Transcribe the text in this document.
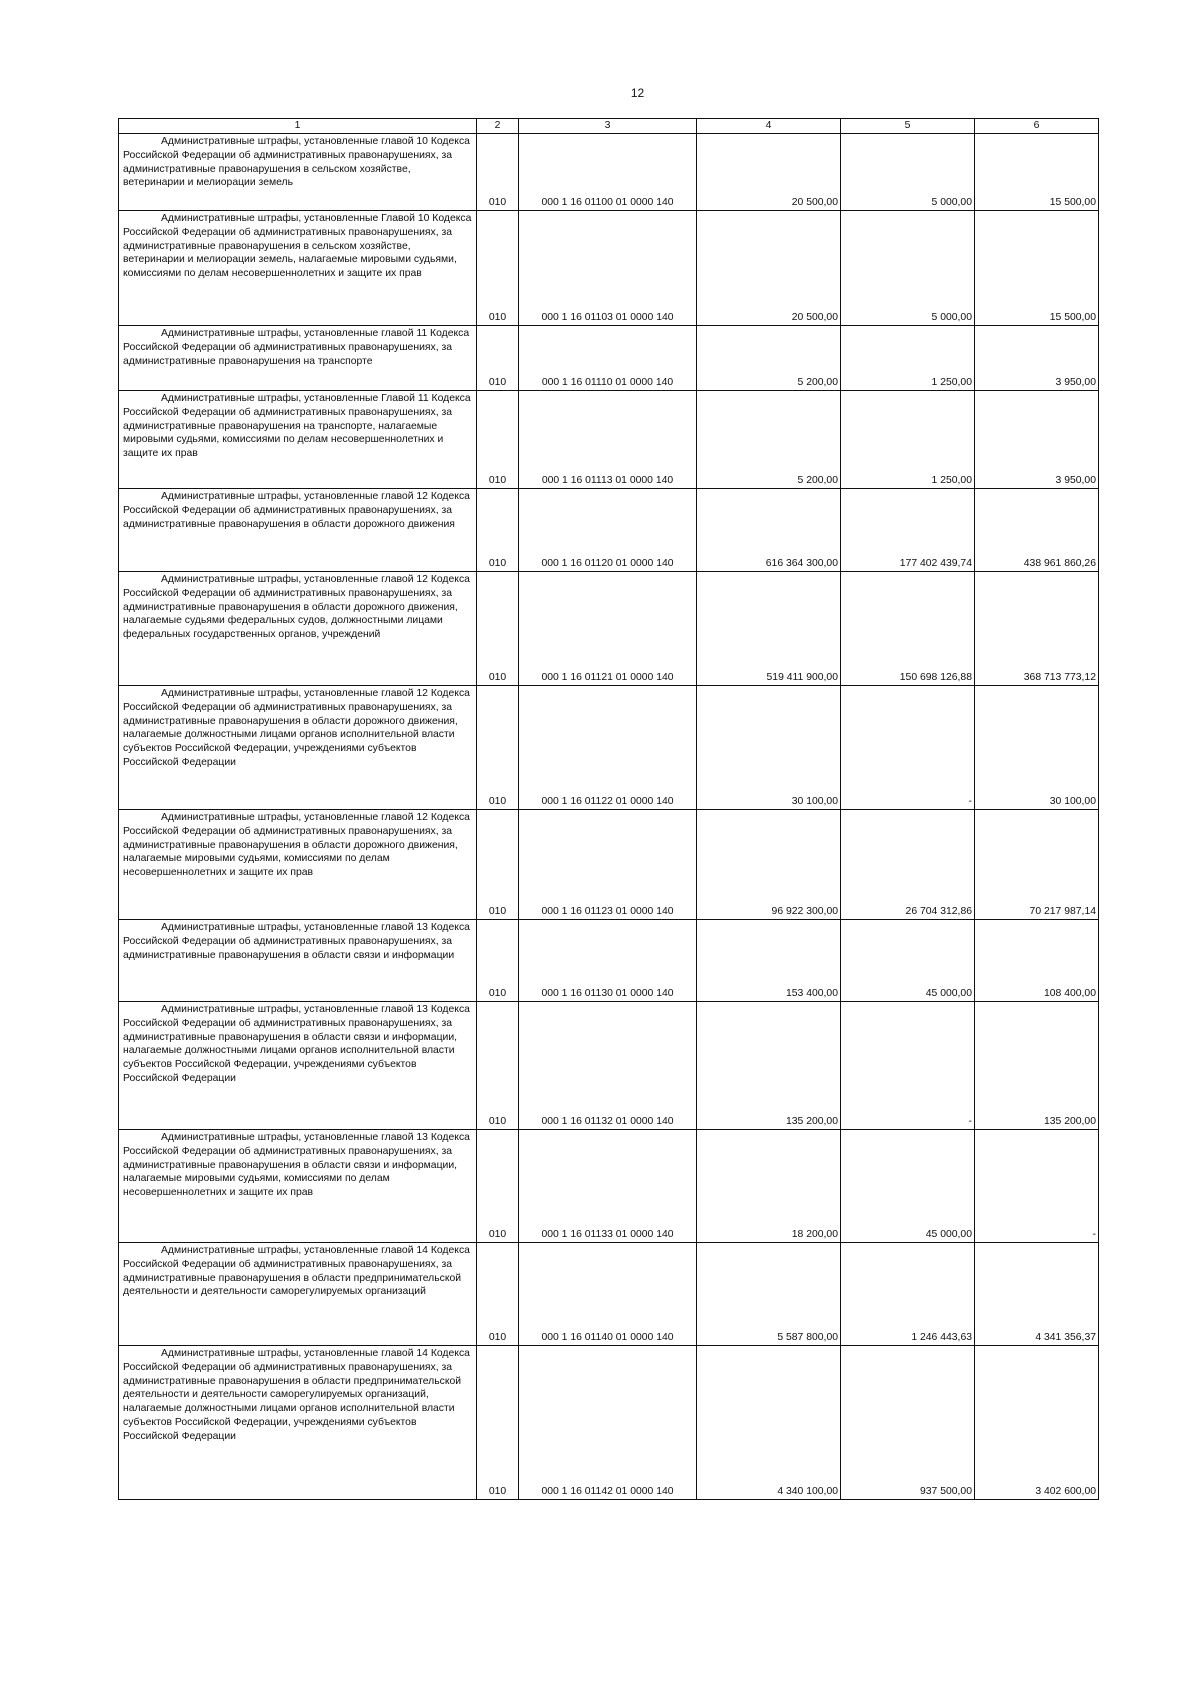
12
1	2	3	4	5	6
Административные штрафы, установленные главой 10 Кодекса Российской Федерации об административных правонарушениях, за административные правонарушения в сельском хозяйстве, ветеринарии и мелиорации земель	010	000 1 16 01100 01 0000 140	20 500,00	5 000,00	15 500,00
Административные штрафы, установленные Главой 10 Кодекса Российской Федерации об административных правонарушениях, за административные правонарушения в сельском хозяйстве, ветеринарии и мелиорации земель, налагаемые мировыми судьями, комиссиями по делам несовершеннолетних и защите их прав	010	000 1 16 01103 01 0000 140	20 500,00	5 000,00	15 500,00
Административные штрафы, установленные главой 11 Кодекса Российской Федерации об административных правонарушениях, за административные правонарушения на транспорте	010	000 1 16 01110 01 0000 140	5 200,00	1 250,00	3 950,00
Административные штрафы, установленные Главой 11 Кодекса Российской Федерации об административных правонарушениях, за административные правонарушения на транспорте, налагаемые мировыми судьями, комиссиями по делам несовершеннолетних и защите их прав	010	000 1 16 01113 01 0000 140	5 200,00	1 250,00	3 950,00
Административные штрафы, установленные главой 12 Кодекса Российской Федерации об административных правонарушениях, за административные правонарушения в области дорожного движения	010	000 1 16 01120 01 0000 140	616 364 300,00	177 402 439,74	438 961 860,26
Административные штрафы, установленные главой 12 Кодекса Российской Федерации об административных правонарушениях, за административные правонарушения в области дорожного движения, налагаемые судьями федеральных судов, должностными лицами федеральных государственных органов, учреждений	010	000 1 16 01121 01 0000 140	519 411 900,00	150 698 126,88	368 713 773,12
Административные штрафы, установленные главой 12 Кодекса Российской Федерации об административных правонарушениях, за административные правонарушения в области дорожного движения, налагаемые должностными лицами органов исполнительной власти субъектов Российской Федерации, учреждениями субъектов Российской Федерации	010	000 1 16 01122 01 0000 140	30 100,00	-	30 100,00
Административные штрафы, установленные главой 12 Кодекса Российской Федерации об административных правонарушениях, за административные правонарушения в области дорожного движения, налагаемые мировыми судьями, комиссиями по делам несовершеннолетних и защите их прав	010	000 1 16 01123 01 0000 140	96 922 300,00	26 704 312,86	70 217 987,14
Административные штрафы, установленные главой 13 Кодекса Российской Федерации об административных правонарушениях, за административные правонарушения в области связи и информации	010	000 1 16 01130 01 0000 140	153 400,00	45 000,00	108 400,00
Административные штрафы, установленные главой 13 Кодекса Российской Федерации об административных правонарушениях, за административные правонарушения в области связи и информации, налагаемые должностными лицами органов исполнительной власти субъектов Российской Федерации, учреждениями субъектов Российской Федерации	010	000 1 16 01132 01 0000 140	135 200,00	-	135 200,00
Административные штрафы, установленные главой 13 Кодекса Российской Федерации об административных правонарушениях, за административные правонарушения в области связи и информации, налагаемые мировыми судьями, комиссиями по делам несовершеннолетних и защите их прав	010	000 1 16 01133 01 0000 140	18 200,00	45 000,00	-
Административные штрафы, установленные главой 14 Кодекса Российской Федерации об административных правонарушениях, за административные правонарушения в области предпринимательской деятельности и деятельности саморегулируемых организаций	010	000 1 16 01140 01 0000 140	5 587 800,00	1 246 443,63	4 341 356,37
Административные штрафы, установленные главой 14 Кодекса Российской Федерации об административных правонарушениях, за административные правонарушения в области предпринимательской деятельности и деятельности саморегулируемых организаций, налагаемые должностными лицами органов исполнительной власти субъектов Российской Федерации, учреждениями субъектов Российской Федерации	010	000 1 16 01142 01 0000 140	4 340 100,00	937 500,00	3 402 600,00
